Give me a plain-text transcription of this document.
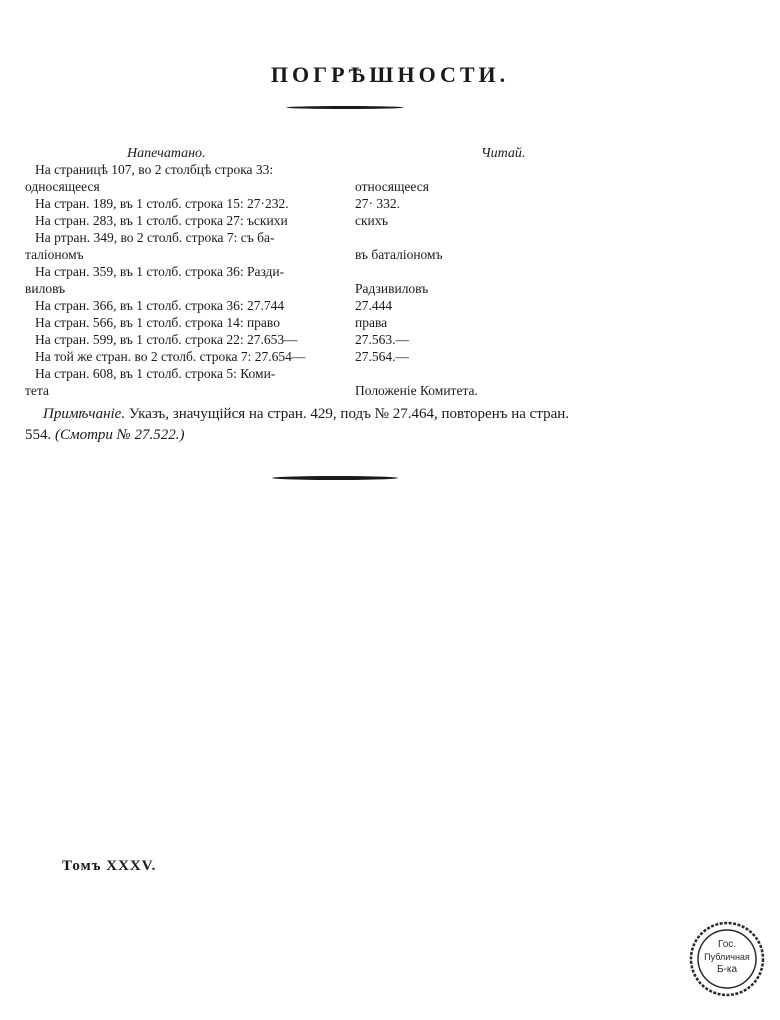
ПОГРѢШНОСТИ.
Напечатано.	Читай.
На страницѣ 107, во 2 столбцѣ строка 33:
односящееся
На стран. 189, въ 1 столб. строка 15: 27·232.
На стран. 283, въ 1 столб. строка 27: ъскихи
На ртран. 349, во 2 столб. строка 7: съ ба-
таліономъ
На стран. 359, въ 1 столб. строка 36: Разди-
виловъ
На стран. 366, въ 1 столб. строка 36: 27.744
На стран. 566, въ 1 столб. строка 14: право
На стран. 599, въ 1 столб. строка 22: 27.653—
На той же стран. во 2 столб. строка 7: 27.654—
На стран. 608, въ 1 столб. строка 5: Коми-
тета
относящееся
27· 332.
скихъ
въ баталіономъ
Радзивиловъ
27.444
права
27.563.—
27.564.—
Положеніе Комитета.
Примѣчаніе. Указъ, значущійся на стран. 429, подъ № 27.464, повторенъ на стран.
554. (Смотри № 27.522.)
Томъ XXXV.
Гос.
Публичная
Б-ка
